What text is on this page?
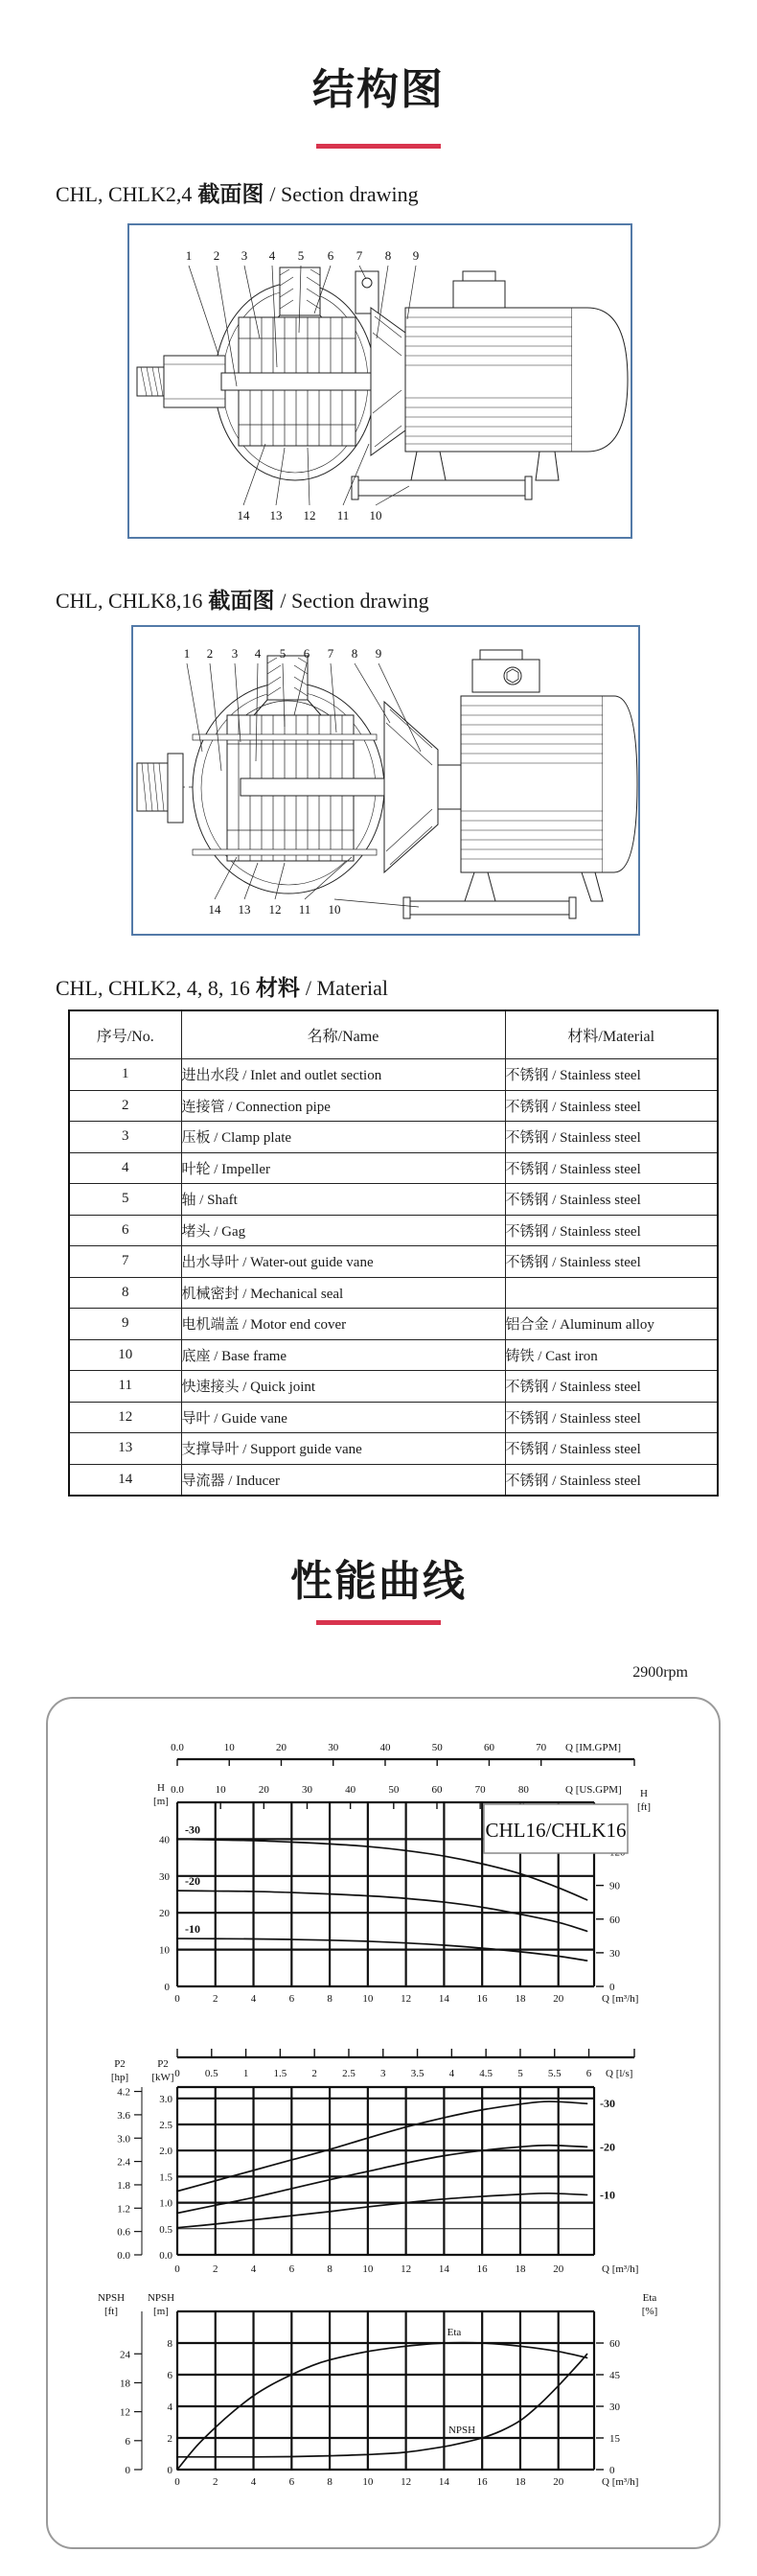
结构图
CHL, CHLK2,4 截面图 / Section drawing
1 2 3 4 5 6 7 8 9
14 13 12 11 10
CHL, CHLK8,16 截面图 / Section drawing
1 2 3 4 5 6 7 8 9
14 13 12 11 10
CHL, CHLK2, 4, 8, 16 材料 / Material
序号/No.	名称/Name	材料/Material
1	进出水段 / Inlet and outlet section	不锈钢 / Stainless steel
2	连接管 / Connection pipe	不锈钢 / Stainless steel
3	压板 / Clamp plate	不锈钢 / Stainless steel
4	叶轮 / Impeller	不锈钢 / Stainless steel
5	轴 / Shaft	不锈钢 / Stainless steel
6	堵头 / Gag	不锈钢 / Stainless steel
7	出水导叶 / Water-out guide vane	不锈钢 / Stainless steel
8	机械密封 / Mechanical seal	
9	电机端盖 / Motor end cover	铝合金 / Aluminum alloy
10	底座 / Base frame	铸铁 / Cast iron
11	快速接头 / Quick joint	不锈钢 / Stainless steel
12	导叶 / Guide vane	不锈钢 / Stainless steel
13	支撑导叶 / Support guide vane	不锈钢 / Stainless steel
14	导流器 / Inducer	不锈钢 / Stainless steel
性能曲线
2900rpm
0
10
20
30
40
0
30
60
90
0	2	4	6	8	10	12	14	16	18	20	Q [m³/h]
0.0	10	20	30	40	50	60	70 Q [IM.GPM]
0.0	10	20	30	40	50	60	70	80	Q [US.GPM]
H
[m]
H
[ft]
CHL16/CHLK16
-30
-20
-10
0 0.5 1 1.5 2 2.5 3 3.5 4 4.5 5 5.5 6 Q [l/s]
0.0
0.5
1.0
1.5
2.0
2.5
3.0
0.0
0.6
1.2
1.8
2.4
3.0
3.6
4.2
P2
[hp]
P2
[kW]
0	2	4	6	8	10	12	14	16	18	20	Q [m³/h]
-30
-20
-10
0
2
4
6
8
0
6
12
18
24
0
15
30
45
60
NPSH
[ft]
NPSH
[m]
Eta
[%]
0	2	4	6	8	10	12	14	16	18	20	Q [m³/h]
Eta
NPSH
